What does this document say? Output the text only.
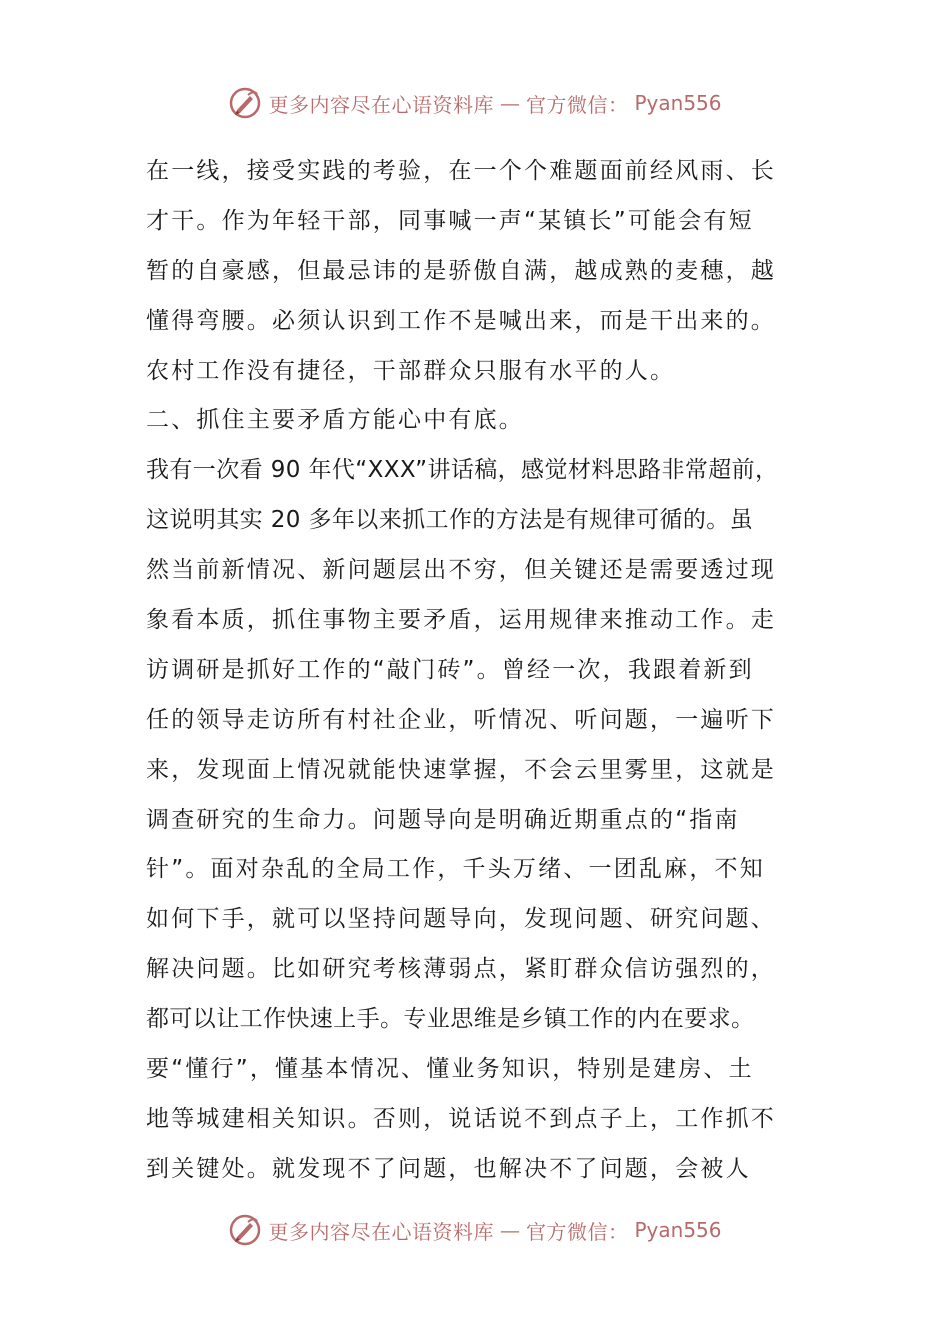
更多内容尽在心语资料库 — 官方微信： Pyan556
在一线，接受实践的考验，在一个个难题面前经风雨、长
才干。作为年轻干部，同事喊一声“某镇长”可能会有短
暂的自豪感，但最忌讳的是骄傲自满，越成熟的麦穗，越
懂得弯腰。必须认识到工作不是喊出来，而是干出来的。
农村工作没有捷径，干部群众只服有水平的人。
二、抓住主要矛盾方能心中有底。
我有一次看 90 年代“XXX”讲话稿，感觉材料思路非常超前，
这说明其实 20 多年以来抓工作的方法是有规律可循的。虽
然当前新情况、新问题层出不穷，但关键还是需要透过现
象看本质，抓住事物主要矛盾，运用规律来推动工作。走
访调研是抓好工作的“敲门砖”。曾经一次，我跟着新到
任的领导走访所有村社企业，听情况、听问题，一遍听下
来，发现面上情况就能快速掌握，不会云里雾里，这就是
调查研究的生命力。问题导向是明确近期重点的“指南
针”。面对杂乱的全局工作，千头万绪、一团乱麻，不知
如何下手，就可以坚持问题导向，发现问题、研究问题、
解决问题。比如研究考核薄弱点，紧盯群众信访强烈的，
都可以让工作快速上手。专业思维是乡镇工作的内在要求。
要“懂行”，懂基本情况、懂业务知识，特别是建房、土
地等城建相关知识。否则，说话说不到点子上，工作抓不
到关键处。就发现不了问题，也解决不了问题，会被人
更多内容尽在心语资料库 — 官方微信： Pyan556
